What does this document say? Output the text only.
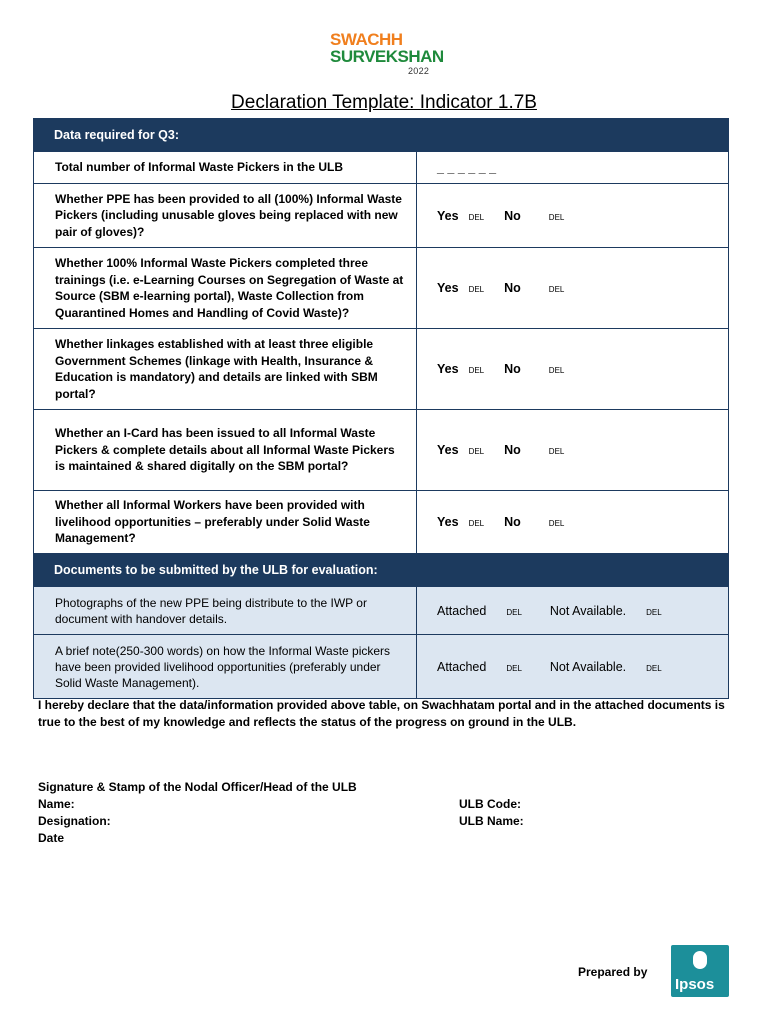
SWACHH
SURVEKSHAN
2022
Declaration Template: Indicator 1.7B
Data required for Q3:	
Total number of Informal Waste Pickers in the ULB	_ _ _ _ _ _
Whether PPE has been provided to all (100%) Informal Waste Pickers (including unusable gloves being replaced with new pair of gloves)?	Yes DEL No DEL
Whether 100% Informal Waste Pickers completed three trainings (i.e. e-Learning Courses on Segregation of Waste at Source (SBM e-learning portal), Waste Collection from Quarantined Homes and Handling of Covid Waste)?	Yes DEL No DEL
Whether linkages established with at least three eligible Government Schemes (linkage with Health, Insurance & Education is mandatory) and details are linked with SBM portal?	Yes DEL No DEL
Whether an I-Card has been issued to all Informal Waste Pickers & complete details about all Informal Waste Pickers is maintained & shared digitally on the SBM portal?	Yes DEL No DEL
Whether all Informal Workers have been provided with livelihood opportunities – preferably under Solid Waste Management?	Yes DEL No DEL
Documents to be submitted by the ULB for evaluation:	
Photographs of the new PPE being distribute to the IWP or document with handover details.	Attached DEL Not Available. DEL
A brief note(250-300 words) on how the Informal Waste pickers have been provided livelihood opportunities (preferably under Solid Waste Management).	Attached DEL Not Available. DEL
I hereby declare that the data/information provided above table, on Swachhatam portal and in the attached documents is true to the best of my knowledge and reflects the status of the progress on ground in the ULB.
Signature & Stamp of the Nodal Officer/Head of the ULB
Name:
Designation:
Date
ULB Code:
ULB Name:
Prepared by
Ipsos
